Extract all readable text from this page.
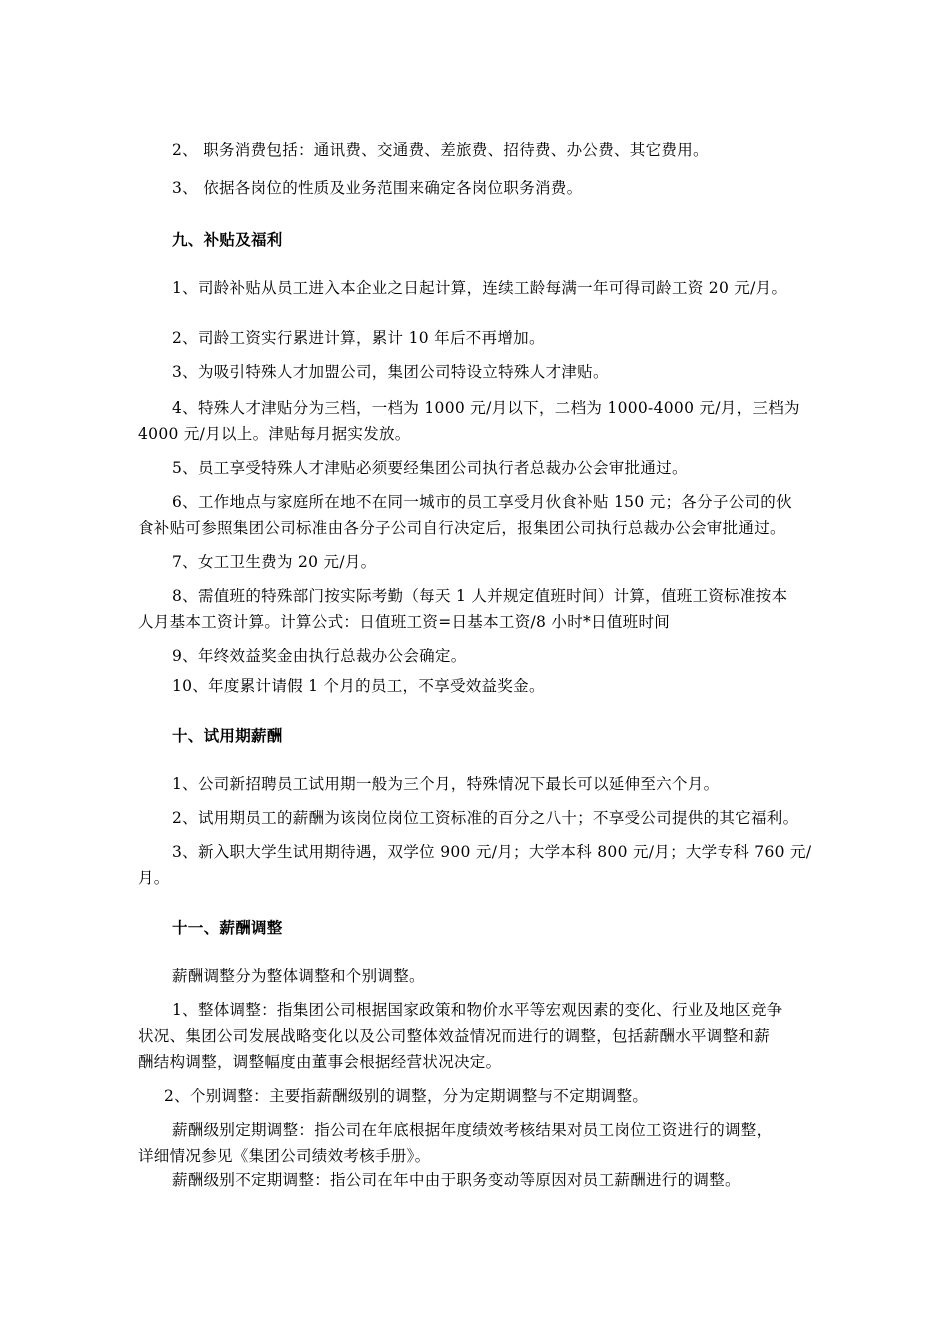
2、 职务消费包括：通讯费、交通费、差旅费、招待费、办公费、其它费用。
3、 依据各岗位的性质及业务范围来确定各岗位职务消费。
九、补贴及福利
1、司龄补贴从员工进入本企业之日起计算，连续工龄每满一年可得司龄工资 20 元/月。
2、司龄工资实行累进计算，累计 10 年后不再增加。
3、为吸引特殊人才加盟公司，集团公司特设立特殊人才津贴。
4、特殊人才津贴分为三档，一档为 1000 元/月以下，二档为 1000-4000 元/月，三档为
4000 元/月以上。津贴每月据实发放。
5、员工享受特殊人才津贴必须要经集团公司执行者总裁办公会审批通过。
6、工作地点与家庭所在地不在同一城市的员工享受月伙食补贴 150 元；各分子公司的伙
食补贴可参照集团公司标准由各分子公司自行决定后，报集团公司执行总裁办公会审批通过。
7、女工卫生费为 20 元/月。
8、需值班的特殊部门按实际考勤（每天 1 人并规定值班时间）计算，值班工资标准按本
人月基本工资计算。计算公式：日值班工资=日基本工资/8 小时*日值班时间
9、年终效益奖金由执行总裁办公会确定。
10、年度累计请假 1 个月的员工，不享受效益奖金。
十、试用期薪酬
1、公司新招聘员工试用期一般为三个月，特殊情况下最长可以延伸至六个月。
2、试用期员工的薪酬为该岗位岗位工资标准的百分之八十；不享受公司提供的其它福利。
3、新入职大学生试用期待遇，双学位 900 元/月；大学本科 800 元/月；大学专科 760 元/
月。
十一、薪酬调整
薪酬调整分为整体调整和个别调整。
1、整体调整：指集团公司根据国家政策和物价水平等宏观因素的变化、行业及地区竞争
状况、集团公司发展战略变化以及公司整体效益情况而进行的调整，包括薪酬水平调整和薪
酬结构调整，调整幅度由董事会根据经营状况决定。
2、个别调整：主要指薪酬级别的调整，分为定期调整与不定期调整。
薪酬级别定期调整：指公司在年底根据年度绩效考核结果对员工岗位工资进行的调整，
详细情况参见《集团公司绩效考核手册》。
薪酬级别不定期调整：指公司在年中由于职务变动等原因对员工薪酬进行的调整。
